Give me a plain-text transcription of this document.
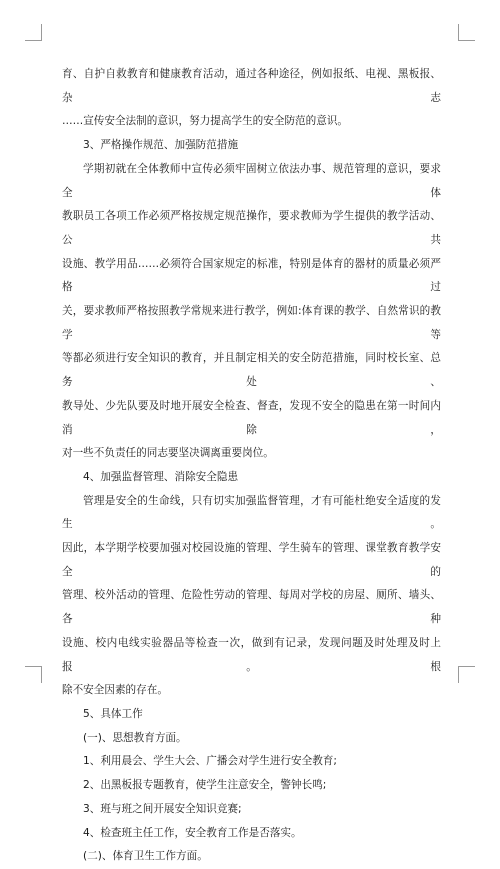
育、自护自救教育和健康教育活动，通过各种途径，例如报纸、电视、黑板报、杂志

……宣传安全法制的意识，努力提高学生的安全防范的意识。

3、严格操作规范、加强防范措施

学期初就在全体教师中宣传必须牢固树立依法办事、规范管理的意识，要求全体

教职员工各项工作必须严格按规定规范操作，要求教师为学生提供的教学活动、公共

设施、教学用品……必须符合国家规定的标准，特别是体育的器材的质量必须严格过

关，要求教师严格按照教学常规来进行教学，例如:体育课的教学、自然常识的教学等

等都必须进行安全知识的教育，并且制定相关的安全防范措施，同时校长室、总务处、

教导处、少先队要及时地开展安全检查、督查，发现不安全的隐患在第一时间内消除，

对一些不负责任的同志要坚决调离重要岗位。

4、加强监督管理、消除安全隐患

管理是安全的生命线，只有切实加强监督管理，才有可能杜绝安全适度的发生。

因此，本学期学校要加强对校园设施的管理、学生骑车的管理、课堂教育教学安全的

管理、校外活动的管理、危险性劳动的管理、每周对学校的房屋、厕所、墙头、各种

设施、校内电线实验器品等检查一次，做到有记录，发现问题及时处理及时上报。根

除不安全因素的存在。

5、具体工作

(一)、思想教育方面。

1、利用晨会、学生大会、广播会对学生进行安全教育;

2、出黑板报专题教育，使学生注意安全，警钟长鸣;

3、班与班之间开展安全知识竞赛;

4、检查班主任工作，安全教育工作是否落实。

(二)、体育卫生工作方面。
